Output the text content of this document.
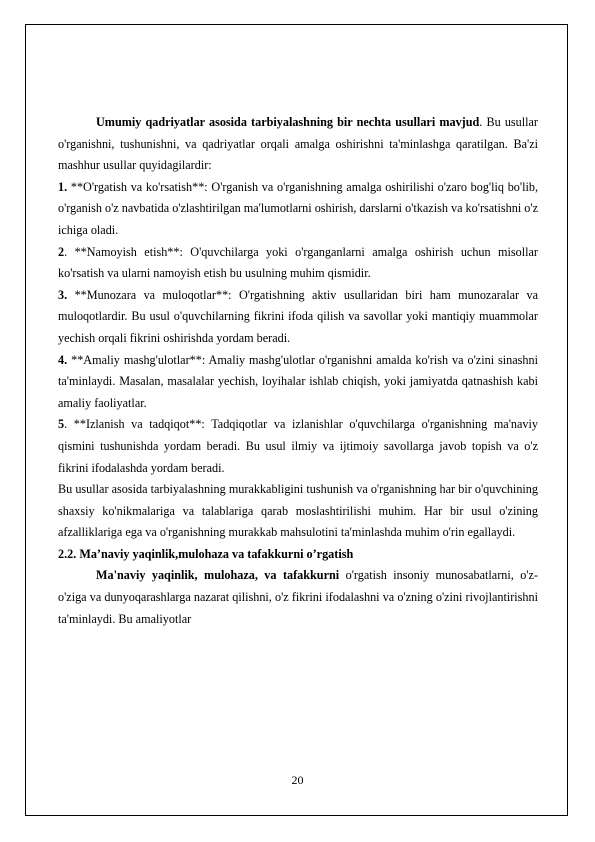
Umumiy qadriyatlar asosida tarbiyalashning bir nechta usullari mavjud. Bu usullar o'rganishni, tushunishni, va qadriyatlar orqali amalga oshirishni ta'minlashga qaratilgan. Ba'zi mashhur usullar quyidagilardir:

1. **O'rgatish va ko'rsatish**: O'rganish va o'rganishning amalga oshirilishi o'zaro bog'liq bo'lib, o'rganish o'z navbatida o'zlashtirilgan ma'lumotlarni oshirish, darslarni o'tkazish va ko'rsatishni o'z ichiga oladi.

2. **Namoyish etish**: O'quvchilarga yoki o'rganganlarni amalga oshirish uchun misollar ko'rsatish va ularni namoyish etish bu usulning muhim qismidir.

3. **Munozara va muloqotlar**: O'rgatishning aktiv usullaridan biri ham munozaralar va muloqotlardir. Bu usul o'quvchilarning fikrini ifoda qilish va savollar yoki mantiqiy muammolar yechish orqali fikrini oshirishda yordam beradi.

4. **Amaliy mashg'ulotlar**: Amaliy mashg'ulotlar o'rganishni amalda ko'rish va o'zini sinashni ta'minlaydi. Masalan, masalalar yechish, loyihalar ishlab chiqish, yoki jamiyatda qatnashish kabi amaliy faoliyatlar.

5. **Izlanish va tadqiqot**: Tadqiqotlar va izlanishlar o'quvchilarga o'rganishning ma'naviy qismini tushunishda yordam beradi. Bu usul ilmiy va ijtimoiy savollarga javob topish va o'z fikrini ifodalashda yordam beradi.

Bu usullar asosida tarbiyalashning murakkabligini tushunish va o'rganishning har bir o'quvchining shaxsiy ko'nikmalariga va talablariga qarab moslashtirilishi muhim. Har bir usul o'zining afzalliklariga ega va o'rganishning murakkab mahsulotini ta'minlashda muhim o'rin egallaydi.

2.2. Ma’naviy yaqinlik,mulohaza va tafakkurni o’rgatish

Ma'naviy yaqinlik, mulohaza, va tafakkurni o'rgatish insoniy munosabatlarni, o'z-o'ziga va dunyoqarashlarga nazarat qilishni, o'z fikrini ifodalashni va o'zning o'zini rivojlantirishni ta'minlaydi. Bu amaliyotlar

20
